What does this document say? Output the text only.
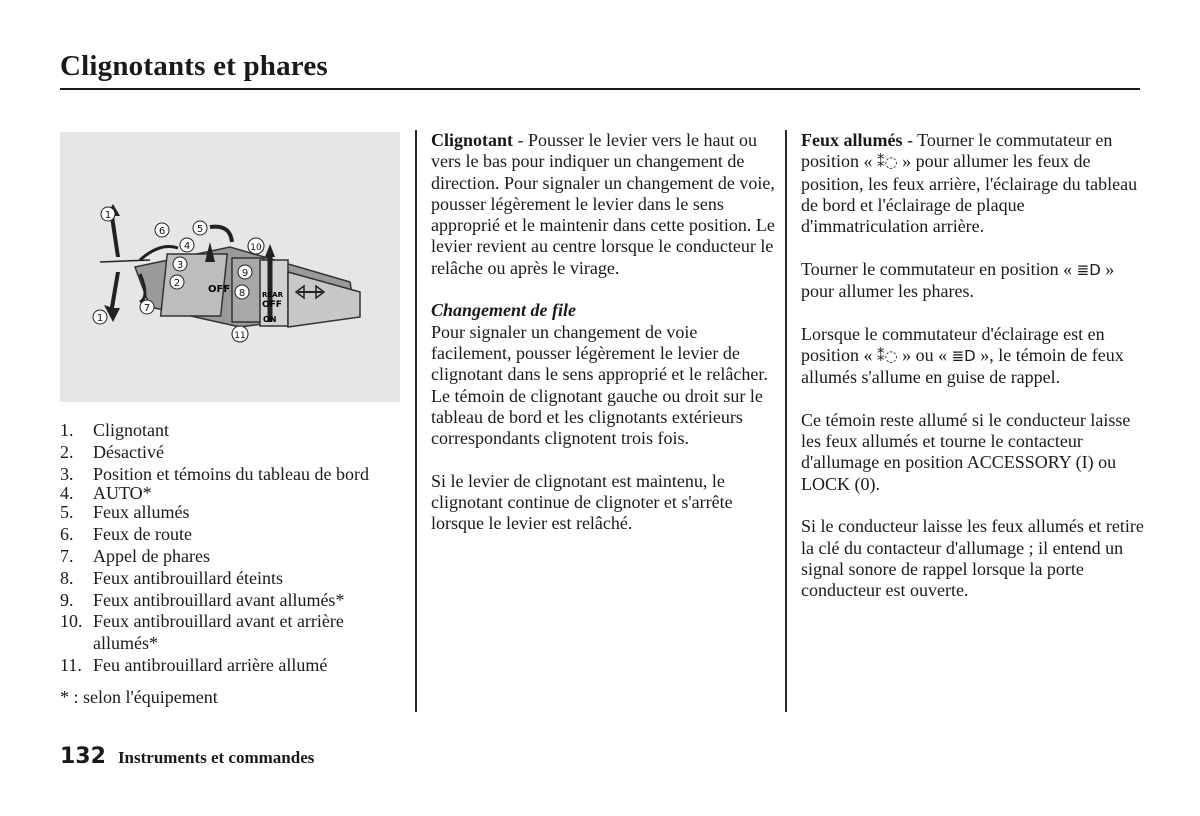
Clignotants et phares
OFF
OFF
REAR
ON
1
6	5
4
3
2
1
7
9
10
8
11
1.	Clignotant
2.	Désactivé
3.	Position et témoins du tableau de bord
4.	AUTO*
5.	Feux allumés
6.	Feux de route
7.	Appel de phares
8.	Feux antibrouillard éteints
9.	Feux antibrouillard avant allumés*
10. Feux antibrouillard avant et arrière allumés*
11. Feu antibrouillard arrière allumé
* : selon l'équipement

Clignotant - Pousser le levier vers le haut ou vers le bas pour indiquer un changement de direction. Pour signaler un changement de voie, pousser légèrement le levier dans le sens approprié et le maintenir dans cette position. Le levier revient au centre lorsque le conducteur le relâche ou après le virage.

Changement de file

Pour signaler un changement de voie facilement, pousser légèrement le levier de clignotant dans le sens approprié et le relâcher. Le témoin de clignotant gauche ou droit sur le tableau de bord et les clignotants extérieurs correspondants clignotent trois fois.

Si le levier de clignotant est maintenu, le clignotant continue de clignoter et s'arrête lorsque le levier est relâché.

Feux allumés - Tourner le commutateur en position « ⁑◌ » pour allumer les feux de position, les feux arrière, l'éclairage du tableau de bord et l'éclairage de plaque d'immatriculation arrière.

Tourner le commutateur en position « ≣D » pour allumer les phares.

Lorsque le commutateur d'éclairage est en position « ⁑◌ » ou « ≣D », le témoin de feux allumés s'allume en guise de rappel.

Ce témoin reste allumé si le conducteur laisse les feux allumés et tourne le contacteur d'allumage en position ACCESSORY (I) ou LOCK (0).

Si le conducteur laisse les feux allumés et retire la clé du contacteur d'allumage ; il entend un signal sonore de rappel lorsque la porte conducteur est ouverte.

132 Instruments et commandes
